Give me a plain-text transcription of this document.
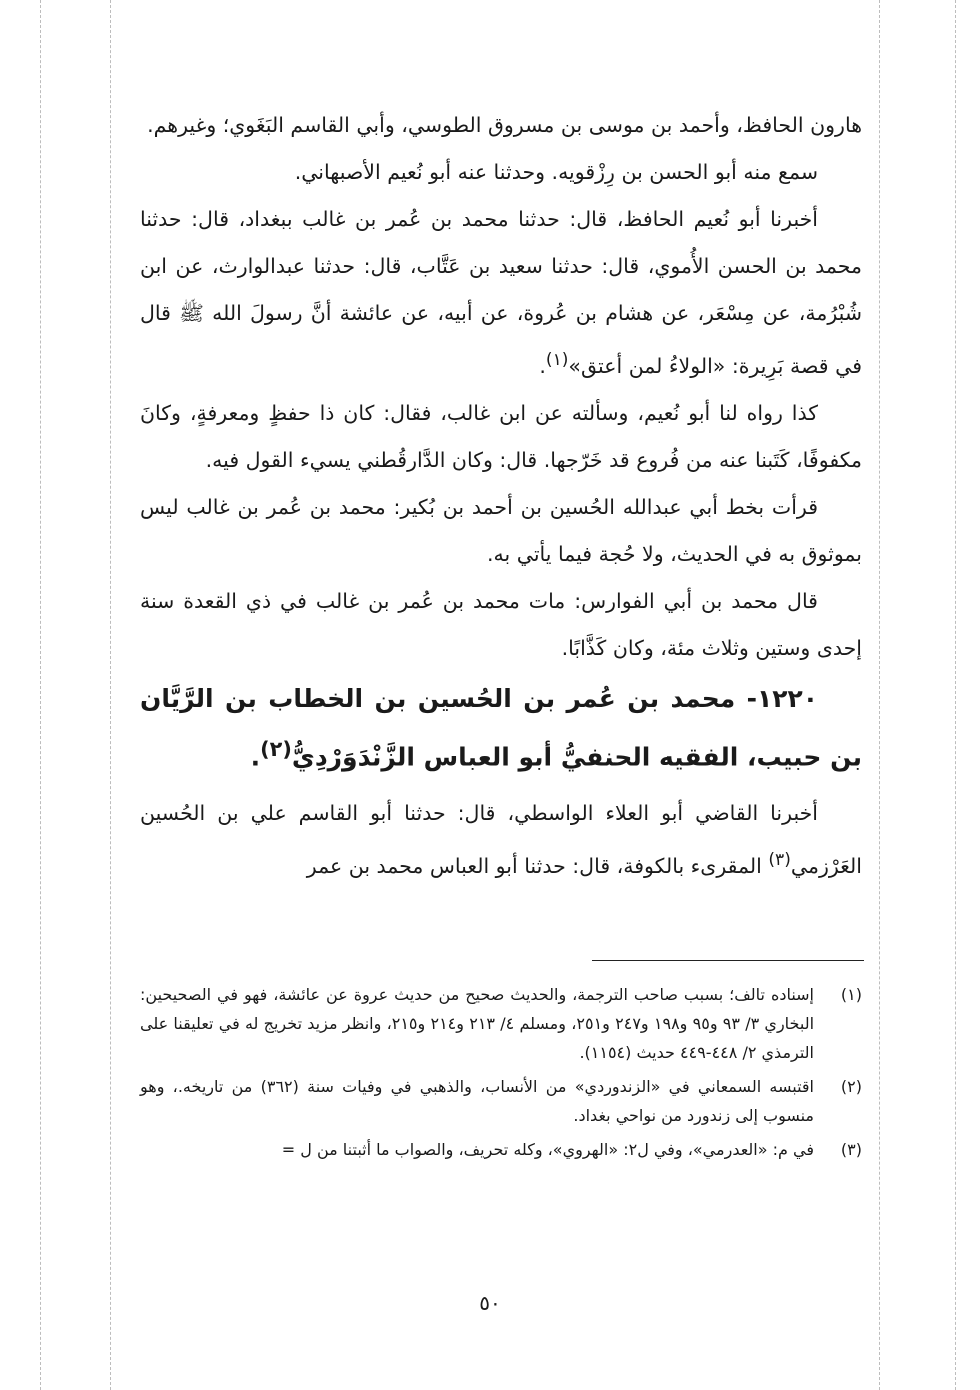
هارون الحافظ، وأحمد بن موسى بن مسروق الطوسي، وأبي القاسم البَغَوي؛ وغيرهم.

سمع منه أبو الحسن بن رِزْقويه. وحدثنا عنه أبو نُعيم الأصبهاني.

أخبرنا أبو نُعيم الحافظ، قال: حدثنا محمد بن عُمر بن غالب ببغداد، قال: حدثنا محمد بن الحسن الأُموي، قال: حدثنا سعيد بن عَتَّاب، قال: حدثنا عبدالوارث، عن ابن شُبْرُمة، عن مِسْعَر، عن هشام بن عُروة، عن أبيه، عن عائشة أنَّ رسولَ الله ﷺ قال في قصة بَرِيرة: «الولاءُ لمن أعتق»$^{(١)}$.

كذا رواه لنا أبو نُعيم، وسألته عن ابن غالب، فقال: كان ذا حفظٍ ومعرفةٍ، وكانَ مكفوفًا، كَتَبنا عنه من فُروع قد خَرّجها. قال: وكان الدَّارقُطني يسيء القول فيه.

قرأت بخط أبي عبدالله الحُسين بن أحمد بن بُكير: محمد بن عُمر بن غالب ليس بموثوق به في الحديث، ولا حُجة فيما يأتي به.

قال محمد بن أبي الفوارس: مات محمد بن عُمر بن غالب في ذي القعدة سنة إحدى وستين وثلاث مئة، وكان كَذَّابًا.

١٢٢٠- محمد بن عُمر بن الحُسين بن الخطاب بن الرَّيَّان بن حبيب، الفقيه الحنفيُّ أبو العباس الزَّنْدَوَرْدِيُّ$^{(٢)}$.

أخبرنا القاضي أبو العلاء الواسطي، قال: حدثنا أبو القاسم علي بن الحُسين العَرْزمي$^{(٣)}$ المقرىء بالكوفة، قال: حدثنا أبو العباس محمد بن عمر

(١)
إسناده تالف؛ بسبب صاحب الترجمة، والحديث صحيح من حديث عروة عن عائشة، فهو في الصحيحين: البخاري ٣/ ٩٣ و٩٥ و١٩٨ و٢٤٧ و٢٥١، ومسلم ٤/ ٢١٣ و٢١٤ و٢١٥، وانظر مزيد تخريج له في تعليقنا على الترمذي ٢/ ٤٤٨-٤٤٩ حديث (١١٥٤).
(٢)
اقتبسه السمعاني في «الزندوردي» من الأنساب، والذهبي في وفيات سنة (٣٦٢) من تاريخه.، وهو منسوب إلى زندورد من نواحي بغداد.
(٣)
في م: «العدرمي»، وفي ل٢: «الهروي»، وكله تحريف، والصواب ما أثبتنا من ل =
٥٠
